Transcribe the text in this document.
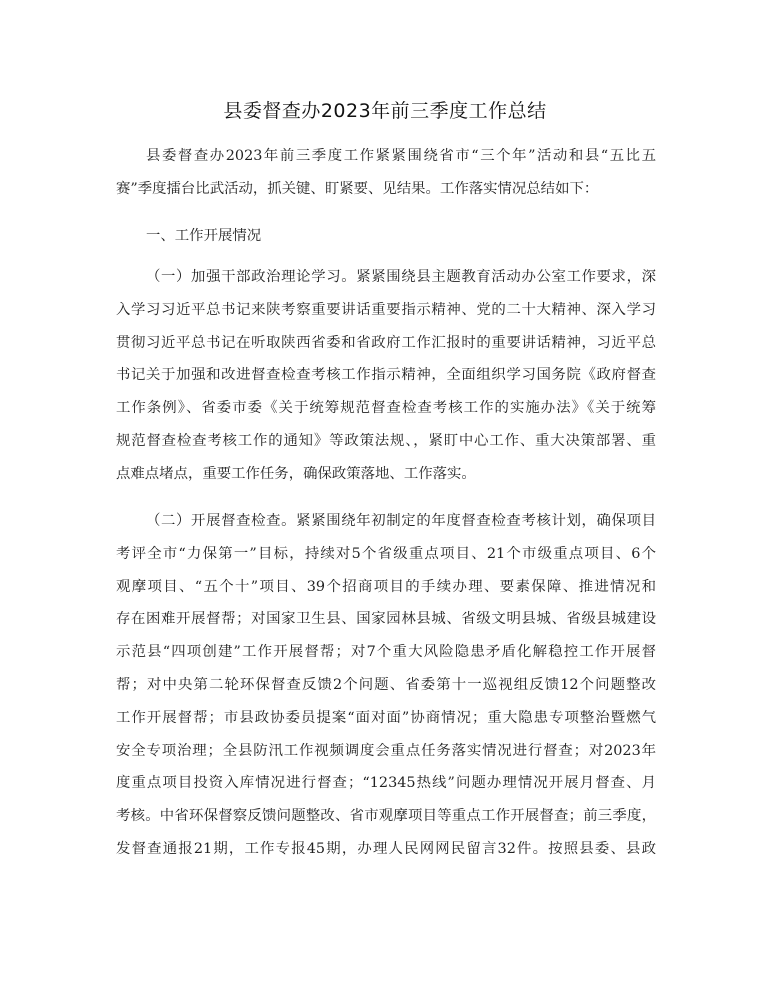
县委督查办2023年前三季度工作总结
县委督查办2023年前三季度工作紧紧围绕省市“三个年”活动和县“五比五
赛”季度擂台比武活动，抓关键、盯紧要、见结果。工作落实情况总结如下：
一、工作开展情况
（一）加强干部政治理论学习。紧紧围绕县主题教育活动办公室工作要求，深
入学习习近平总书记来陕考察重要讲话重要指示精神、党的二十大精神、深入学习
贯彻习近平总书记在听取陕西省委和省政府工作汇报时的重要讲话精神，习近平总
书记关于加强和改进督查检查考核工作指示精神，全面组织学习国务院《政府督查
工作条例》、省委市委《关于统筹规范督查检查考核工作的实施办法》《关于统筹
规范督查检查考核工作的通知》等政策法规、，紧盯中心工作、重大决策部署、重
点难点堵点，重要工作任务，确保政策落地、工作落实。
（二）开展督查检查。紧紧围绕年初制定的年度督查检查考核计划，确保项目
考评全市“力保第一”目标，持续对5个省级重点项目、21个市级重点项目、6个
观摩项目、“五个十”项目、39个招商项目的手续办理、要素保障、推进情况和
存在困难开展督帮；对国家卫生县、国家园林县城、省级文明县城、省级县城建设
示范县“四项创建”工作开展督帮；对7个重大风险隐患矛盾化解稳控工作开展督
帮；对中央第二轮环保督查反馈2个问题、省委第十一巡视组反馈12个问题整改
工作开展督帮；市县政协委员提案“面对面”协商情况；重大隐患专项整治暨燃气
安全专项治理；全县防汛工作视频调度会重点任务落实情况进行督查；对2023年
度重点项目投资入库情况进行督查；“12345热线”问题办理情况开展月督查、月
考核。中省环保督察反馈问题整改、省市观摩项目等重点工作开展督查；前三季度，
发督查通报21期，工作专报45期，办理人民网网民留言32件。按照县委、县政
